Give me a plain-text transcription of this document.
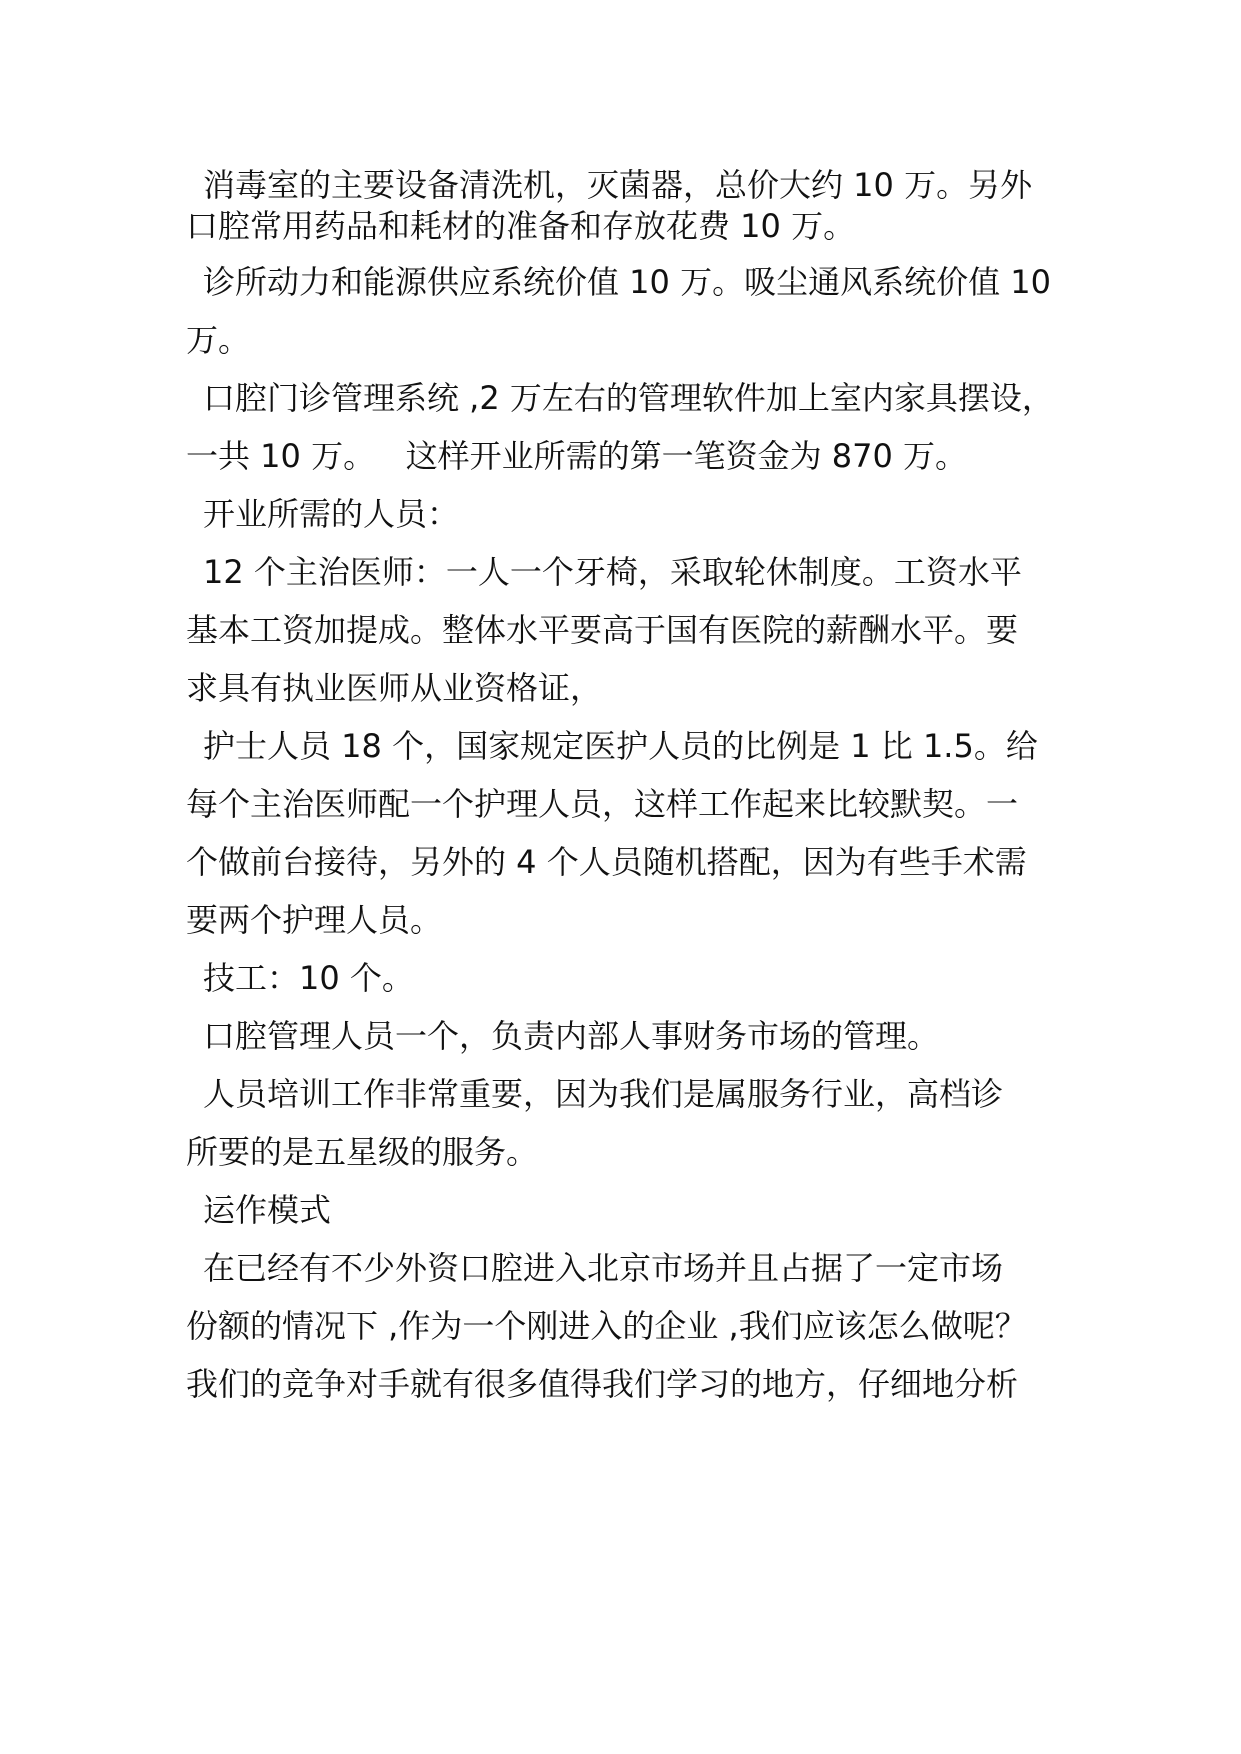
消毒室的主要设备清洗机，灭菌器，总价大约 10 万。另外
口腔常用药品和耗材的准备和存放花费 10 万。
诊所动力和能源供应系统价值 10 万。吸尘通风系统价值 10
万。
口腔门诊管理系统 ,2 万左右的管理软件加上室内家具摆设，
一共 10 万。   这样开业所需的第一笔资金为 870 万。
开业所需的人员：
12 个主治医师：一人一个牙椅，采取轮休制度。工资水平
基本工资加提成。整体水平要高于国有医院的薪酬水平。要
求具有执业医师从业资格证，
护士人员 18 个，国家规定医护人员的比例是 1 比 1.5。给
每个主治医师配一个护理人员，这样工作起来比较默契。一
个做前台接待，另外的 4 个人员随机搭配，因为有些手术需
要两个护理人员。
技工：10 个。
口腔管理人员一个，负责内部人事财务市场的管理。
人员培训工作非常重要，因为我们是属服务行业，高档诊
所要的是五星级的服务。
运作模式
在已经有不少外资口腔进入北京市场并且占据了一定市场
份额的情况下 ,作为一个刚进入的企业 ,我们应该怎么做呢？
我们的竞争对手就有很多值得我们学习的地方，仔细地分析
